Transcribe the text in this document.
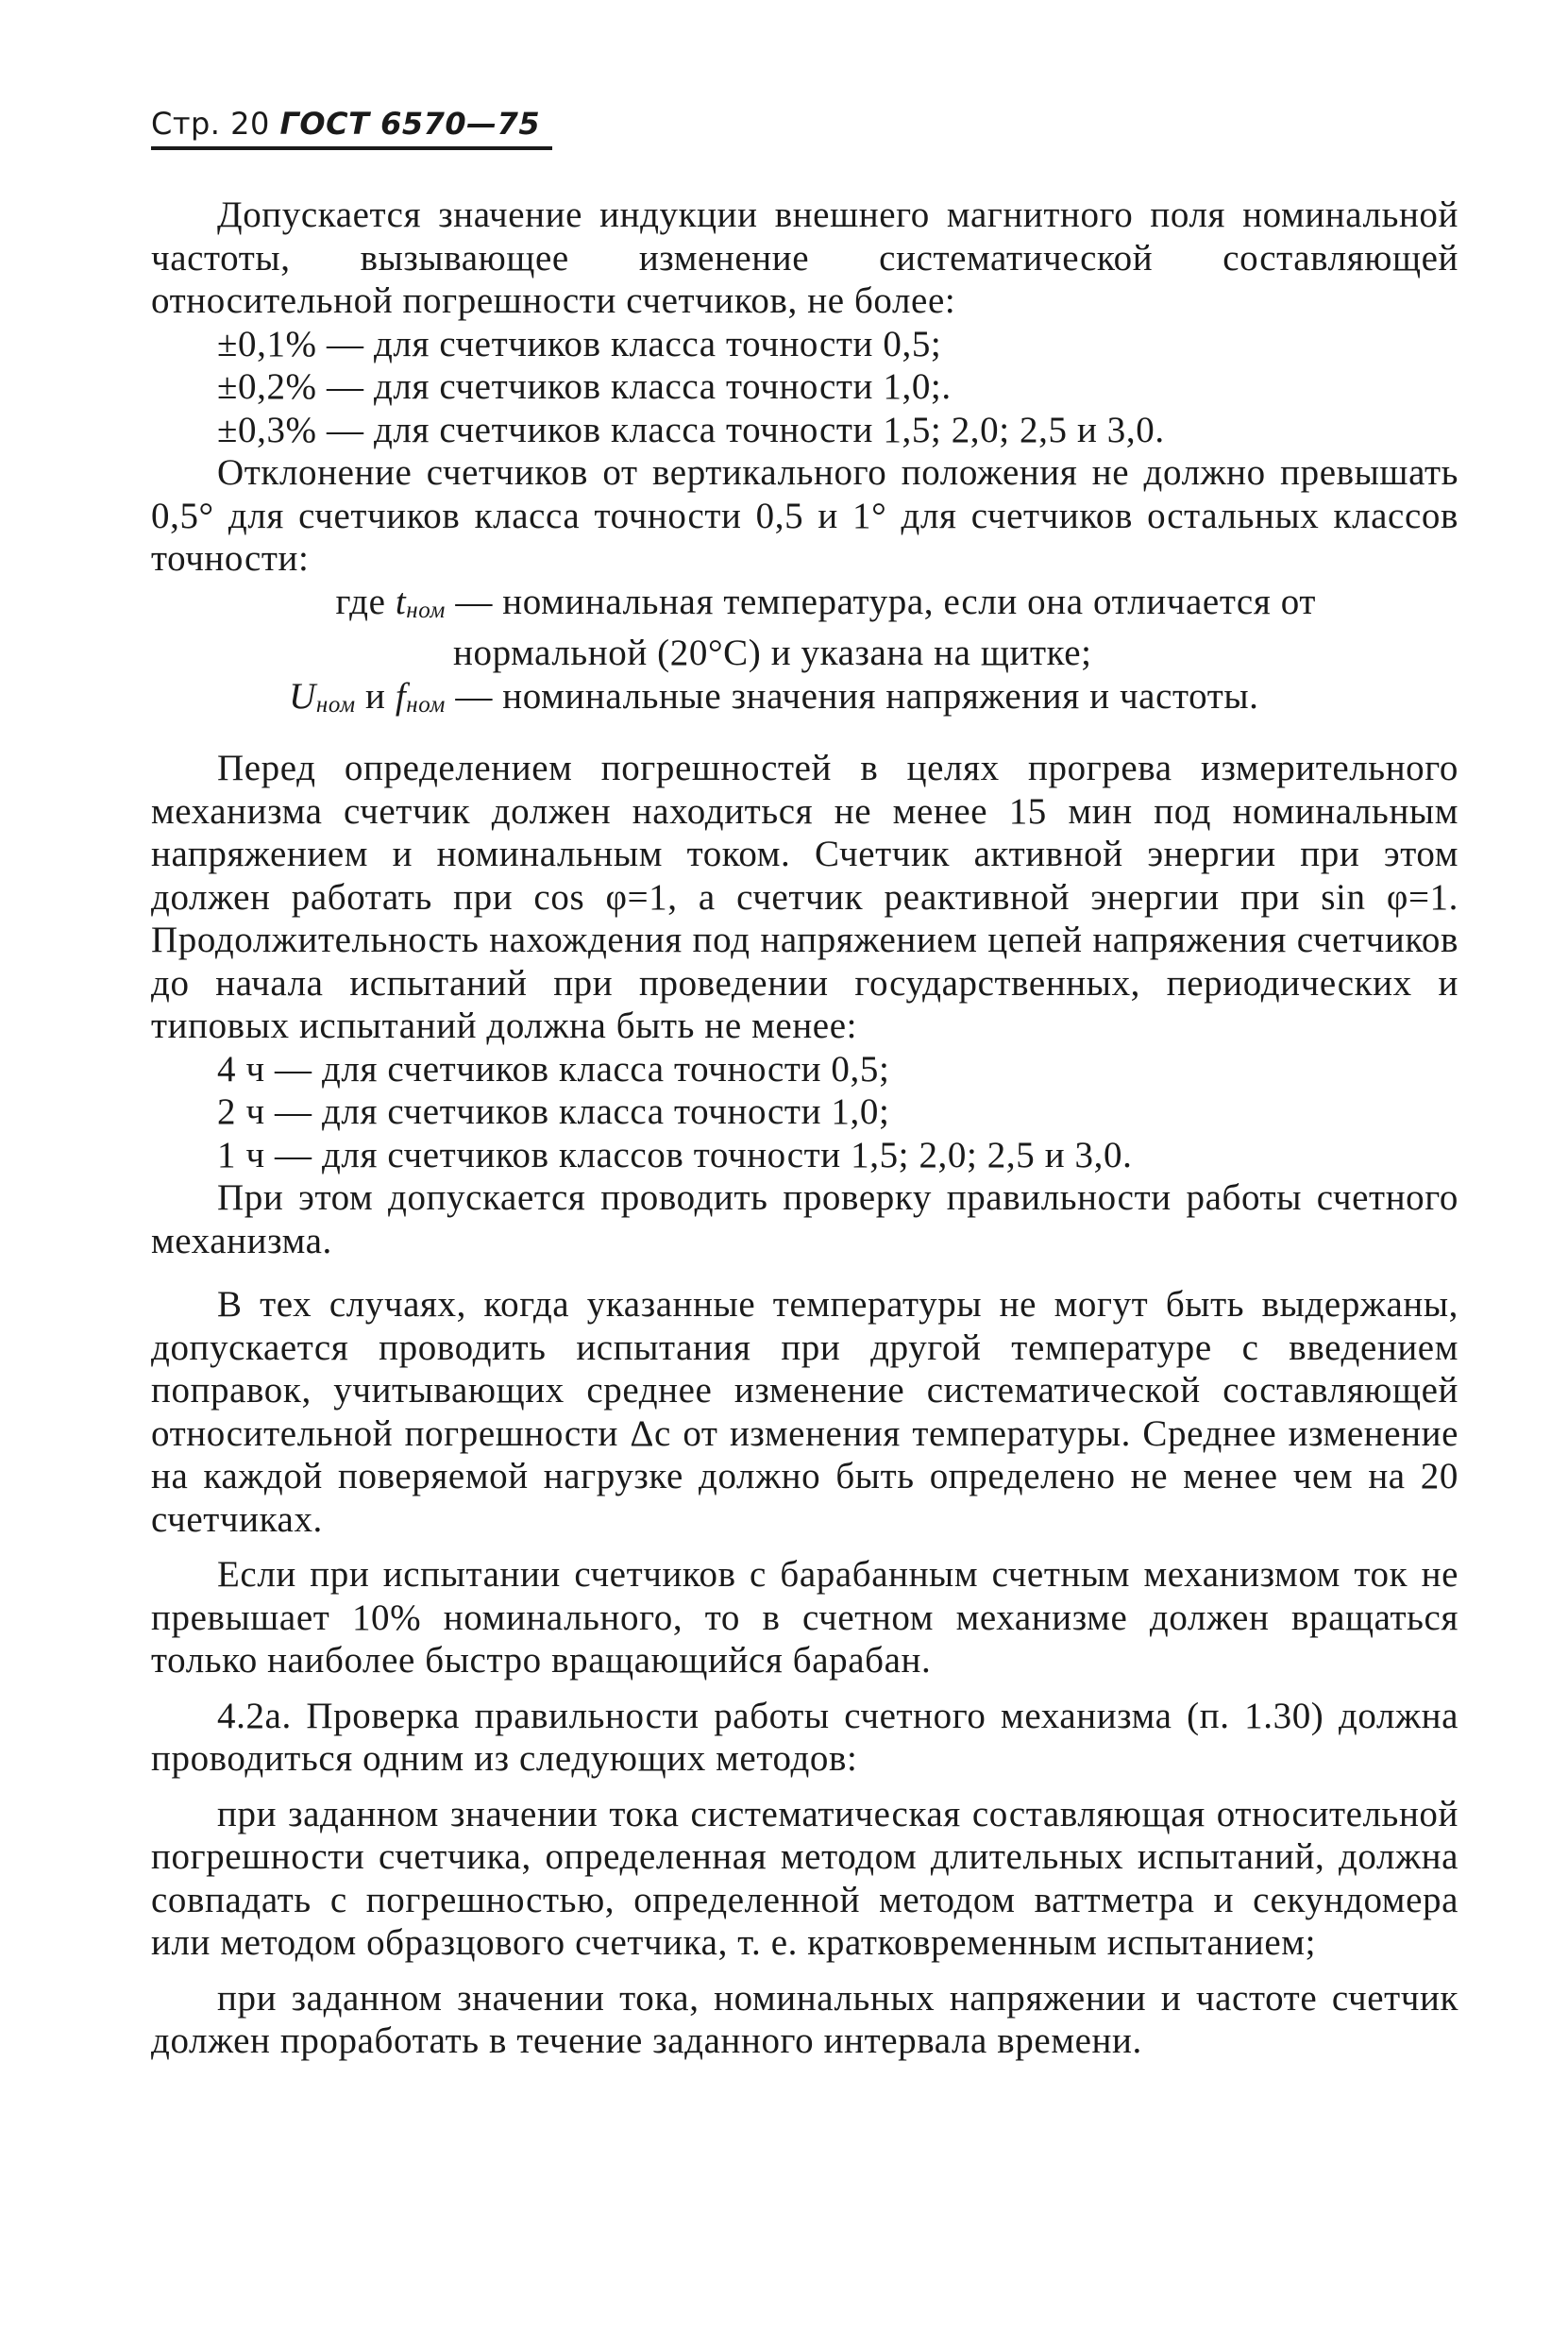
Стр. 20 ГОСТ 6570—75

Допускается значение индукции внешнего магнитного поля номинальной частоты, вызывающее изменение систематической составляющей относительной погрешности счетчиков, не более:

±0,1% — для счетчиков класса точности 0,5;

±0,2% — для счетчиков класса точности 1,0;.

±0,3% — для счетчиков класса точности 1,5; 2,0; 2,5 и 3,0.

Отклонение счетчиков от вертикального положения не должно превышать 0,5° для счетчиков класса точности 0,5 и 1° для счетчиков остальных классов точности:

где tном — номинальная температура, если она отличается от

нормальной (20°С) и указана на щитке;

Uном и fном — номинальные значения напряжения и частоты.

Перед определением погрешностей в целях прогрева измерительного механизма счетчик должен находиться не менее 15 мин под номинальным напряжением и номинальным током. Счетчик активной энергии при этом должен работать при cos φ=1, а счетчик реактивной энергии при sin φ=1. Продолжительность нахождения под напряжением цепей напряжения счетчиков до начала испытаний при проведении государственных, периодических и типовых испытаний должна быть не менее:

4 ч — для счетчиков класса точности 0,5;

2 ч — для счетчиков класса точности 1,0;

1 ч — для счетчиков классов точности 1,5; 2,0; 2,5 и 3,0.

При этом допускается проводить проверку правильности работы счетного механизма.

В тех случаях, когда указанные температуры не могут быть выдержаны, допускается проводить испытания при другой температуре с введением поправок, учитывающих среднее изменение систематической составляющей относительной погрешности Δс от изменения температуры. Среднее изменение на каждой поверяемой нагрузке должно быть определено не менее чем на 20 счетчиках.

Если при испытании счетчиков с барабанным счетным механизмом ток не превышает 10% номинального, то в счетном механизме должен вращаться только наиболее быстро вращающийся барабан.

4.2а. Проверка правильности работы счетного механизма (п. 1.30) должна проводиться одним из следующих методов:

при заданном значении тока систематическая составляющая относительной погрешности счетчика, определенная методом длительных испытаний, должна совпадать с погрешностью, определенной методом ваттметра и секундомера или методом образцового счетчика, т. е. кратковременным испытанием;

при заданном значении тока, номинальных напряжении и частоте счетчик должен проработать в течение заданного интервала времени.
